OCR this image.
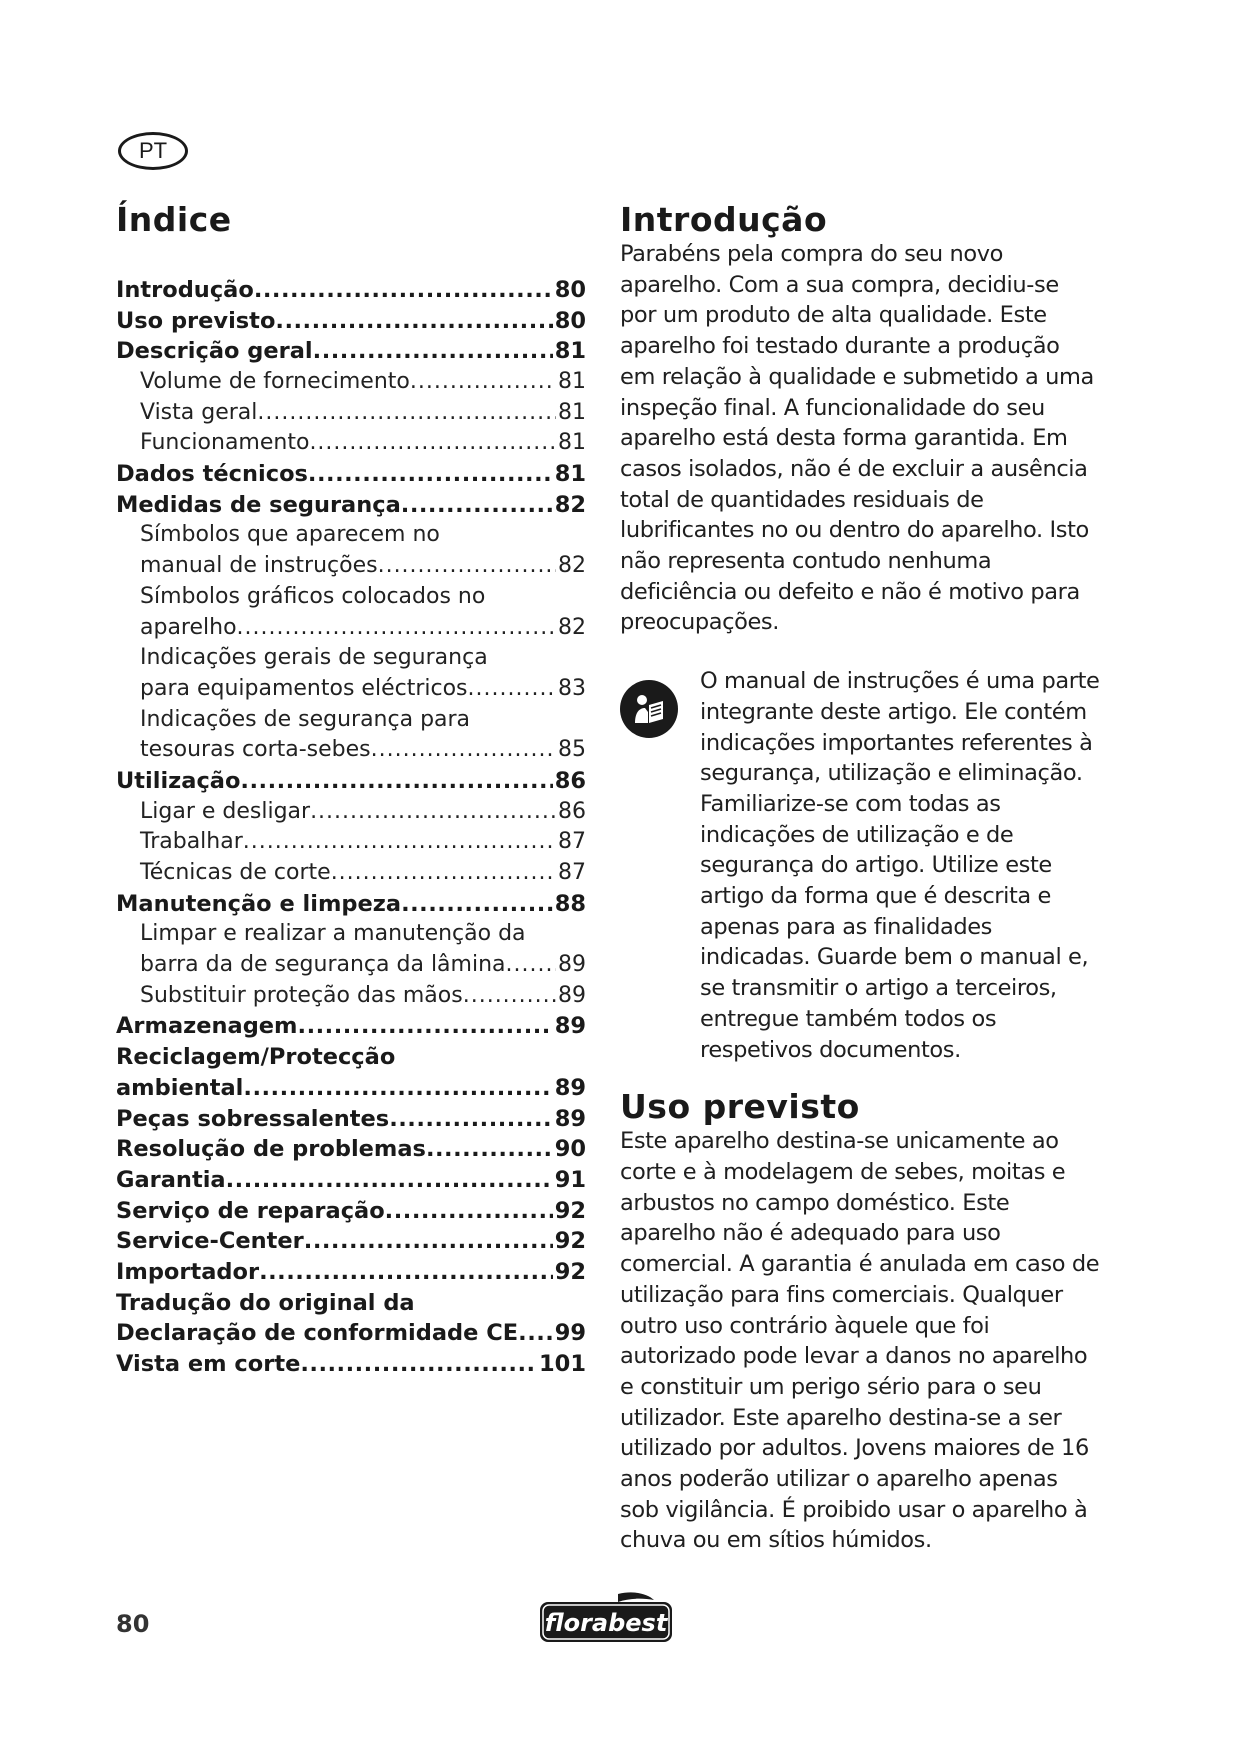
PT
Índice
Introdução .....	80
Uso previsto .....	80
Descrição geral .....	81
Volume de fornecimento .....	81
Vista geral .....	81
Funcionamento .....	81
Dados técnicos .....	81
Medidas de segurança .....	82
Símbolos que aparecem no
manual de instruções .....	82
Símbolos gráficos colocados no
aparelho .....	82
Indicações gerais de segurança
para equipamentos eléctricos .....	83
Indicações de segurança para
tesouras corta-sebes .....	85
Utilização .....	86
Ligar e desligar .....	86
Trabalhar .....	87
Técnicas de corte .....	87
Manutenção e limpeza .....	88
Limpar e realizar a manutenção da
barra da de segurança da lâmina ..... 89
Substituir proteção das mãos .....	89
Armazenagem .....	89
Reciclagem/Protecção
ambiental .....	89
Peças sobressalentes .....	89
Resolução de problemas .....	90
Garantia .....	91
Serviço de reparação .....	92
Service-Center .....	92
Importador .....	92
Tradução do original da
Declaração de conformidade CE ..... 99
Vista em corte .....	101
Introdução

Parabéns pela compra do seu novo aparelho. Com a sua compra, decidiu-se por um produto de alta qualidade. Este aparelho foi testado durante a produção em relação à qualidade e submetido a uma inspeção final. A funcionalidade do seu aparelho está desta forma garantida. Em casos isolados, não é de excluir a ausência total de quantidades residuais de lubrificantes no ou dentro do aparelho. Isto não representa contudo nenhuma deficiência ou defeito e não é motivo para preocupações.

O manual de instruções é uma parte integrante deste artigo. Ele contém indicações importantes referentes à segurança, utilização e eliminação. Familiarize-se com todas as indicações de utilização e de segurança do artigo. Utilize este artigo da forma que é descrita e apenas para as finalidades indicadas. Guarde bem o manual e, se transmitir o artigo a terceiros, entregue também todos os respetivos documentos.

Uso previsto

Este aparelho destina-se unicamente ao corte e à modelagem de sebes, moitas e arbustos no campo doméstico. Este aparelho não é adequado para uso comercial. A garantia é anulada em caso de utilização para fins comerciais. Qualquer outro uso contrário àquele que foi autorizado pode levar a danos no aparelho e constituir um perigo sério para o seu utilizador. Este aparelho destina-se a ser utilizado por adultos. Jovens maiores de 16 anos poderão utilizar o aparelho apenas sob vigilância. É proibido usar o aparelho à chuva ou em sítios húmidos.

80	florabest
